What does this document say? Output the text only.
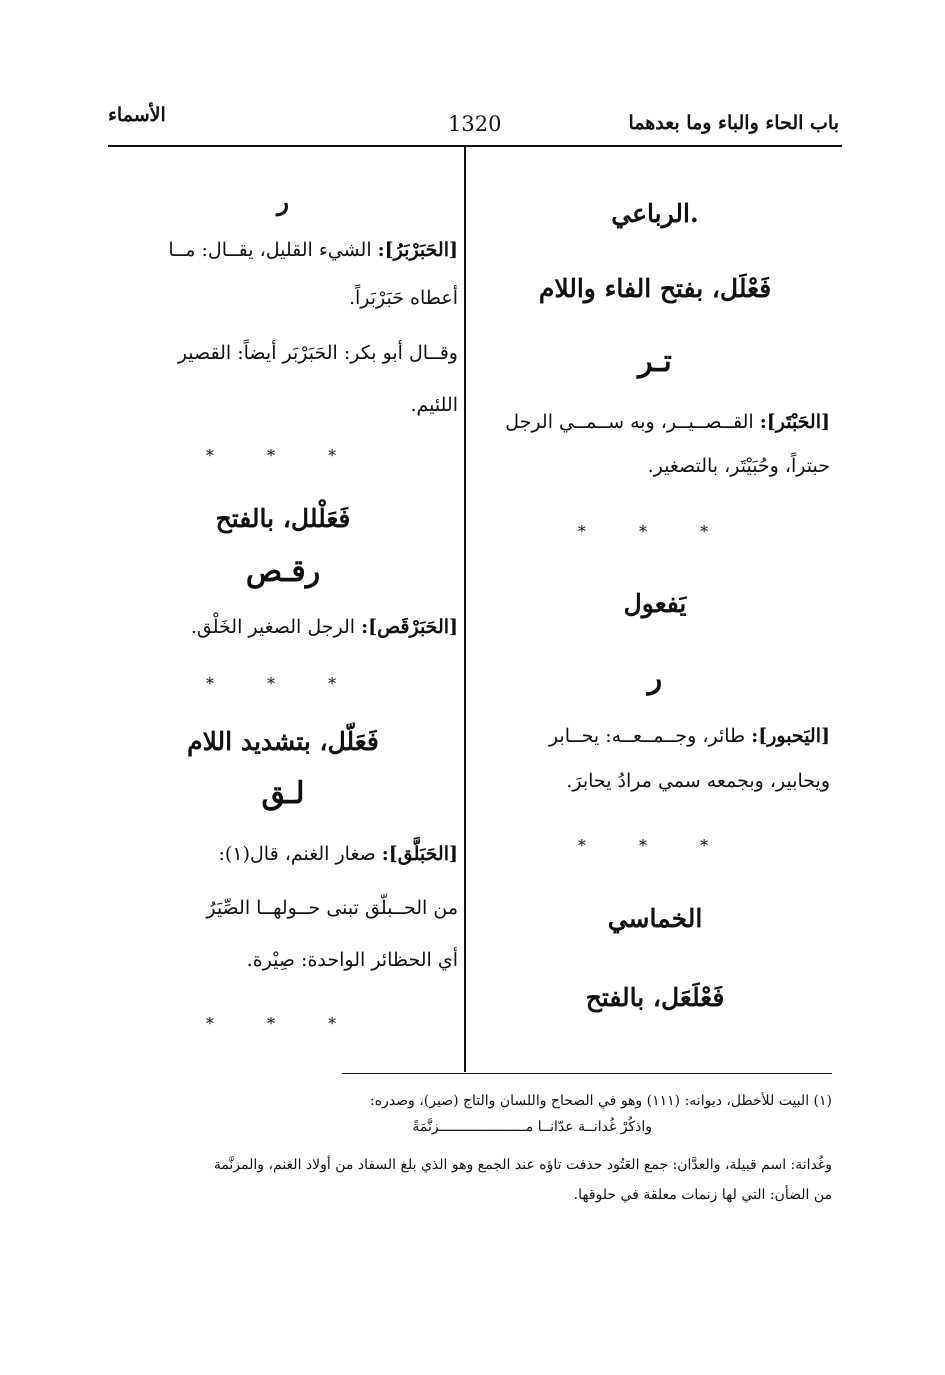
باب الحاء والباء وما بعدهما
1320
الأسماء
.الرباعي
فَعْلَل، بفتح الفاء واللام
تـر
[الحَبْتَر]: القــصــيــر، وبه ســمــي الرجل
حبتراً، وحُبَيْتَر، بالتصغير.
* * *
يَفعول
ر
[اليَحبور]: طائر، وجــمــعــه: يحــابر
ويحابير، وبجمعه سمي مرادُ يحابرَ.
* * *
الخماسي
فَعْلَعَل، بالفتح
ر
[الحَبَرْبَرُ]: الشيء القليل، يقــال: مــا
أعطاه حَبَرْبَراً.
وقــال أبو بكر: الحَبَرْبَر أيضاً: القصير
اللئيم.
* * *
فَعَلْلل، بالفتح
رقـص
[الحَبَرْقَص]: الرجل الصغير الخَلْق.
* * *
فَعَلّل، بتشديد اللام
لـق
[الحَبَلَّق]: صغار الغنم، قال(١):
من الحــبلّق تبنى حــولهــا الصِّيَرُ
أي الحظائر الواحدة: صِيْرة.
* * *
(١) البيت للأخطل، ديوانه: (١١١) وهو في الصحاح واللسان والتاج (صير)، وصدره:
واذكُرْ غُدانــة عدّانــا مـــــــــــــــــــــزنَّمَةً
وغُدانة: اسم قبيلة، والعدَّان: جمع العَتُود حذفت تاؤه عند الجمع وهو الذي بلغ السفاد من أولاد الغنم، والمزنَّمة
من الضأن: التي لها زنمات معلقة في حلوقها.
